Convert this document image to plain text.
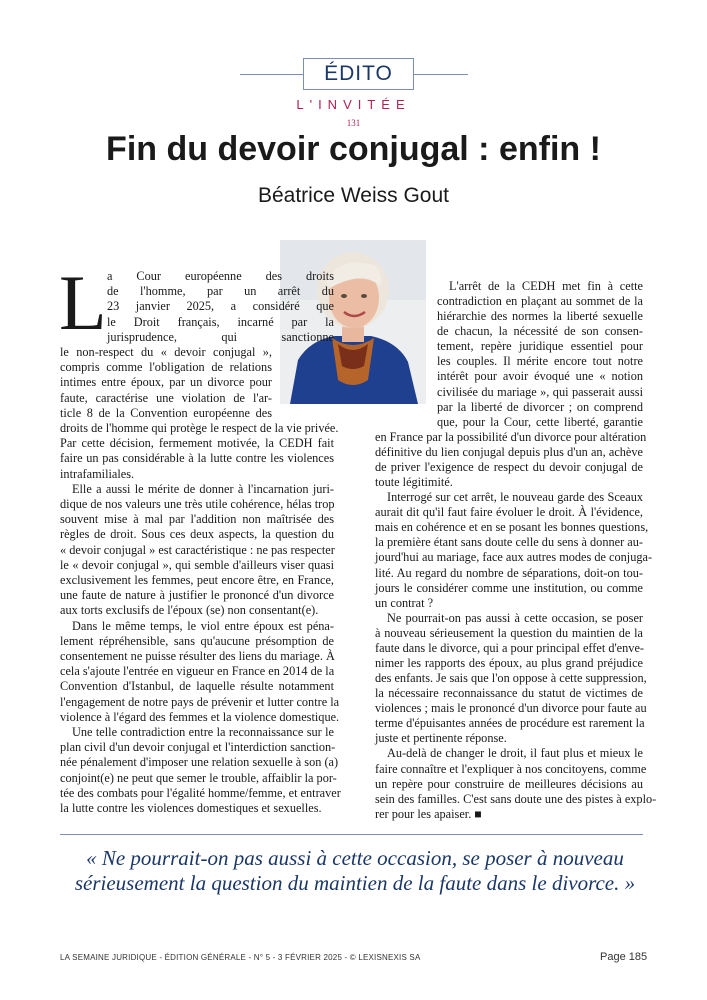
ÉDITO
L'INVITÉE
131
Fin du devoir conjugal : enfin !
Béatrice Weiss Gout
L a Cour européenne des droits
de l'homme, par un arrêt du
23 janvier 2025, a considéré que
le Droit français, incarné par la
jurisprudence, qui sanctionne
le non-respect du « devoir conjugal »,
compris comme l'obligation de relations
intimes entre époux, par un divorce pour
faute, caractérise une violation de l'ar-
ticle 8 de la Convention européenne des
droits de l'homme qui protège le respect de la vie privée.
Par cette décision, fermement motivée, la CEDH fait
faire un pas considérable à la lutte contre les violences
intrafamiliales.
Elle a aussi le mérite de donner à l'incarnation juri-
dique de nos valeurs une très utile cohérence, hélas trop
souvent mise à mal par l'addition non maîtrisée des
règles de droit. Sous ces deux aspects, la question du
« devoir conjugal » est caractéristique : ne pas respecter
le « devoir conjugal », qui semble d'ailleurs viser quasi
exclusivement les femmes, peut encore être, en France,
une faute de nature à justifier le prononcé d'un divorce
aux torts exclusifs de l'époux (se) non consentant(e).
Dans le même temps, le viol entre époux est péna-
lement répréhensible, sans qu'aucune présomption de
consentement ne puisse résulter des liens du mariage. À
cela s'ajoute l'entrée en vigueur en France en 2014 de la
Convention d'Istanbul, de laquelle résulte notamment
l'engagement de notre pays de prévenir et lutter contre la
violence à l'égard des femmes et la violence domestique.
Une telle contradiction entre la reconnaissance sur le
plan civil d'un devoir conjugal et l'interdiction sanction-
née pénalement d'imposer une relation sexuelle à son (a)
conjoint(e) ne peut que semer le trouble, affaiblir la por-
tée des combats pour l'égalité homme/femme, et entraver
la lutte contre les violences domestiques et sexuelles.
L'arrêt de la CEDH met fin à cette
contradiction en plaçant au sommet de la
hiérarchie des normes la liberté sexuelle
de chacun, la nécessité de son consen-
tement, repère juridique essentiel pour
les couples. Il mérite encore tout notre
intérêt pour avoir évoqué une « notion
civilisée du mariage », qui passerait aussi
par la liberté de divorcer ; on comprend
que, pour la Cour, cette liberté, garantie
en France par la possibilité d'un divorce pour altération
définitive du lien conjugal depuis plus d'un an, achève
de priver l'exigence de respect du devoir conjugal de
toute légitimité.
Interrogé sur cet arrêt, le nouveau garde des Sceaux
aurait dit qu'il faut faire évoluer le droit. À l'évidence,
mais en cohérence et en se posant les bonnes questions,
la première étant sans doute celle du sens à donner au-
jourd'hui au mariage, face aux autres modes de conjuga-
lité. Au regard du nombre de séparations, doit-on tou-
jours le considérer comme une institution, ou comme
un contrat ?
Ne pourrait-on pas aussi à cette occasion, se poser
à nouveau sérieusement la question du maintien de la
faute dans le divorce, qui a pour principal effet d'enve-
nimer les rapports des époux, au plus grand préjudice
des enfants. Je sais que l'on oppose à cette suppression,
la nécessaire reconnaissance du statut de victimes de
violences ; mais le prononcé d'un divorce pour faute au
terme d'épuisantes années de procédure est rarement la
juste et pertinente réponse.
Au-delà de changer le droit, il faut plus et mieux le
faire connaître et l'expliquer à nos concitoyens, comme
un repère pour construire de meilleures décisions au
sein des familles. C'est sans doute une des pistes à explo-
rer pour les apaiser. ■
« Ne pourrait-on pas aussi à cette occasion, se poser à nouveau sérieusement la question du maintien de la faute dans le divorce. »
LA SEMAINE JURIDIQUE - ÉDITION GÉNÉRALE - N° 5 - 3 FÉVRIER 2025 - © LEXISNEXIS SA	Page 185
